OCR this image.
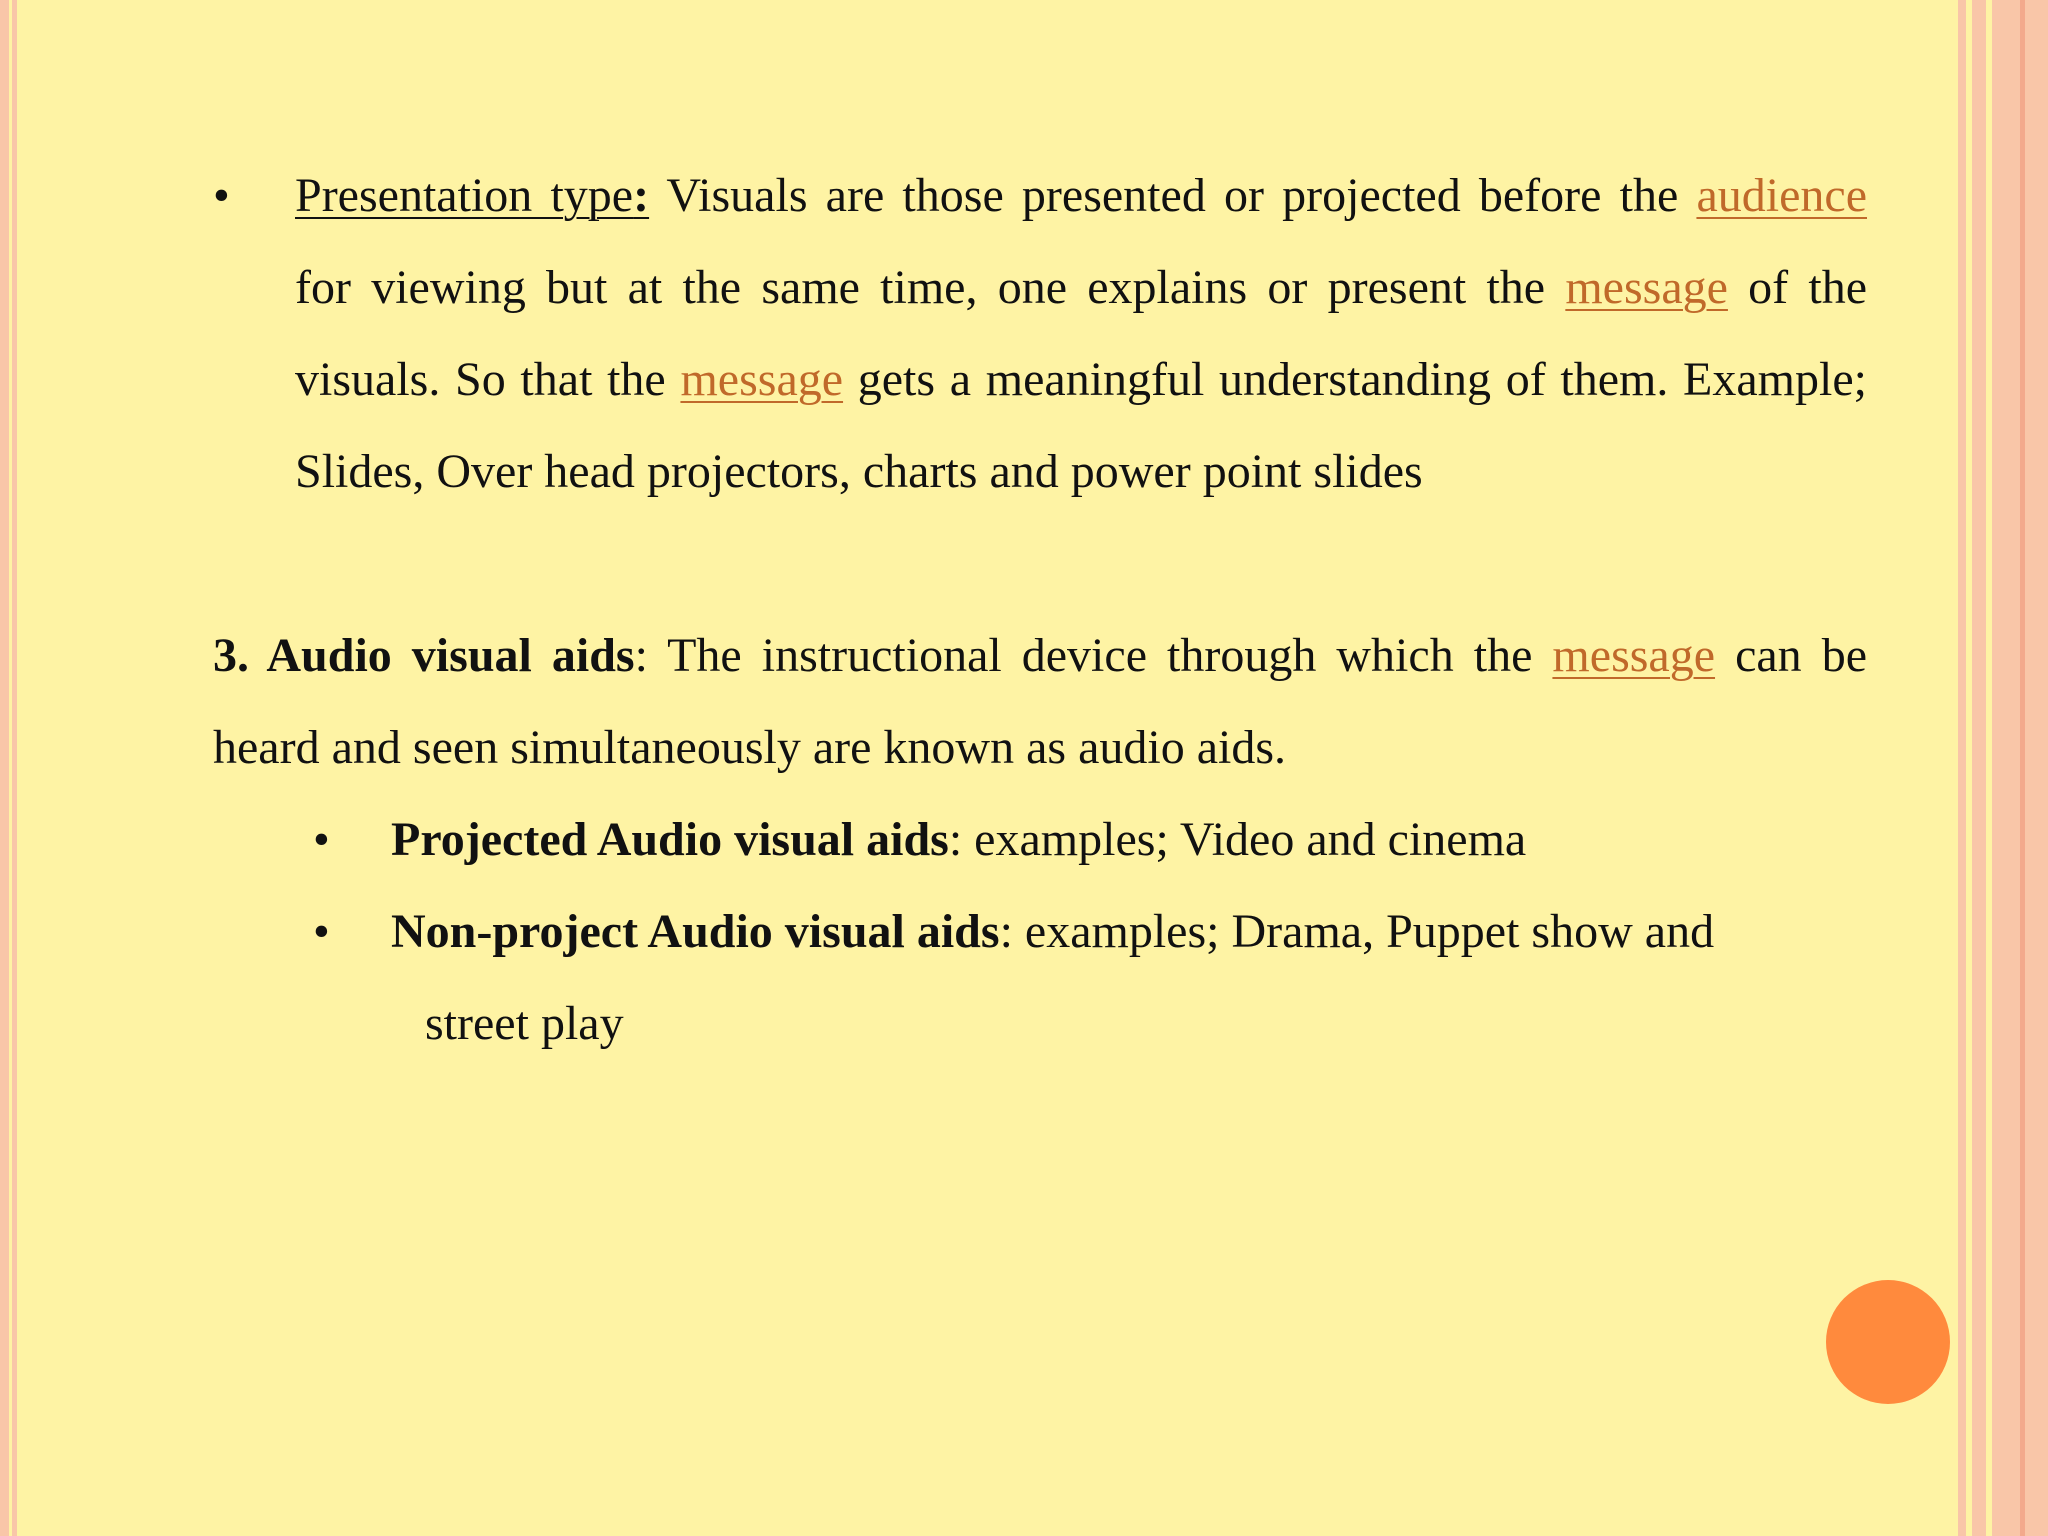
•	Presentation type: Visuals are those presented or projected before the audience for viewing but at the same time, one explains or present the message of the visuals. So that the message gets a meaningful understanding of them. Example; Slides, Over head projectors, charts and power point slides

3. Audio visual aids: The instructional device through which the message can be heard and seen simultaneously are known as audio aids.

•	Projected Audio visual aids: examples; Video and cinema
•	Non-project Audio visual aids: examples; Drama, Puppet show and
street play
